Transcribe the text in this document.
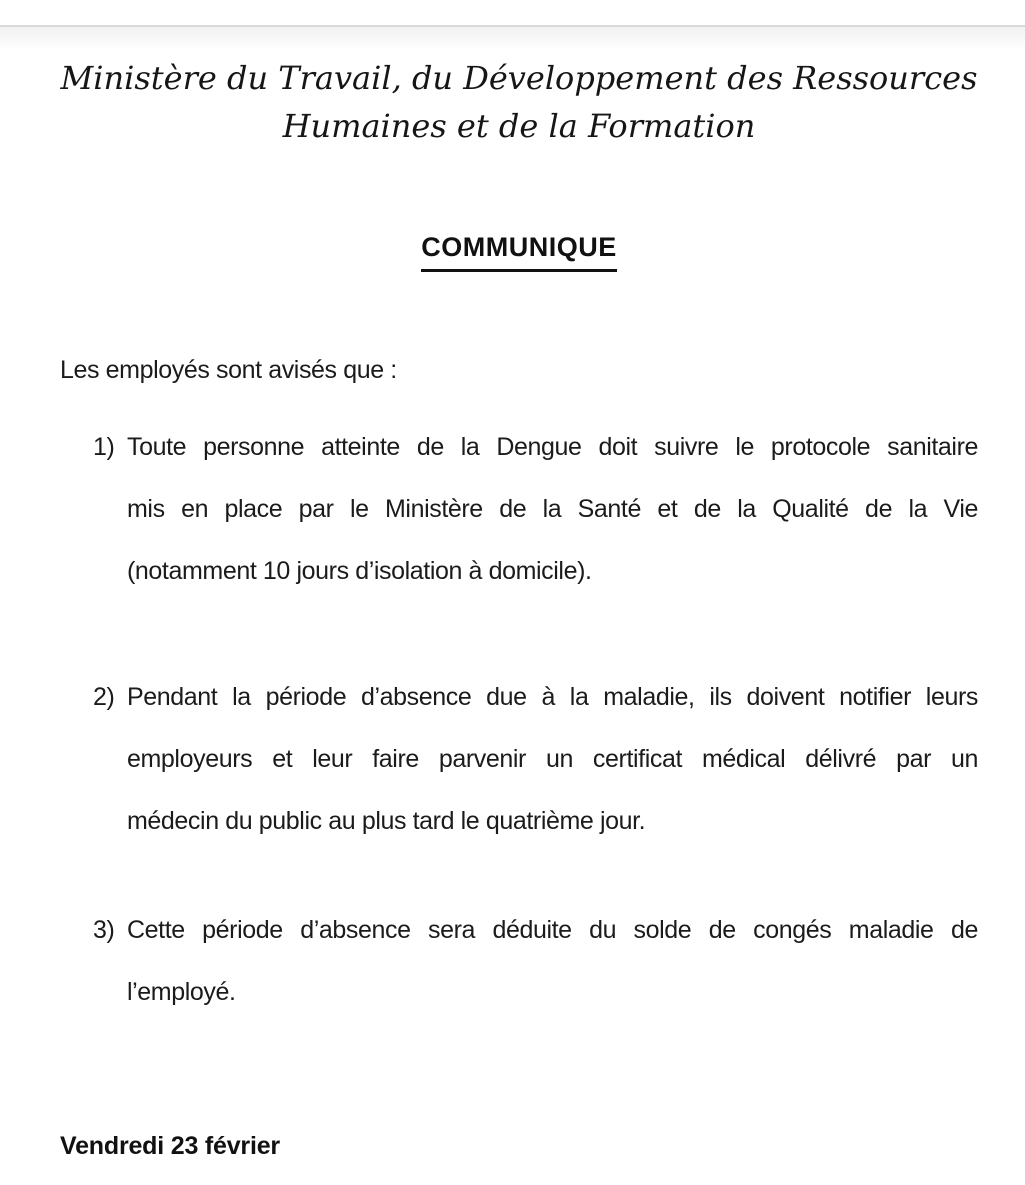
Ministère du Travail, du Développement des Ressources
Humaines et de la Formation
COMMUNIQUE

Les employés sont avisés que :

1) Toute personne atteinte de la Dengue doit suivre le protocole sanitaire
mis en place par le Ministère de la Santé et de la Qualité de la Vie
(notamment 10 jours d’isolation à domicile).
2) Pendant la période d’absence due à la maladie, ils doivent notifier leurs
employeurs et leur faire parvenir un certificat médical délivré par un
médecin du public au plus tard le quatrième jour.
3) Cette période d’absence sera déduite du solde de congés maladie de
l’employé.
Vendredi 23 février
